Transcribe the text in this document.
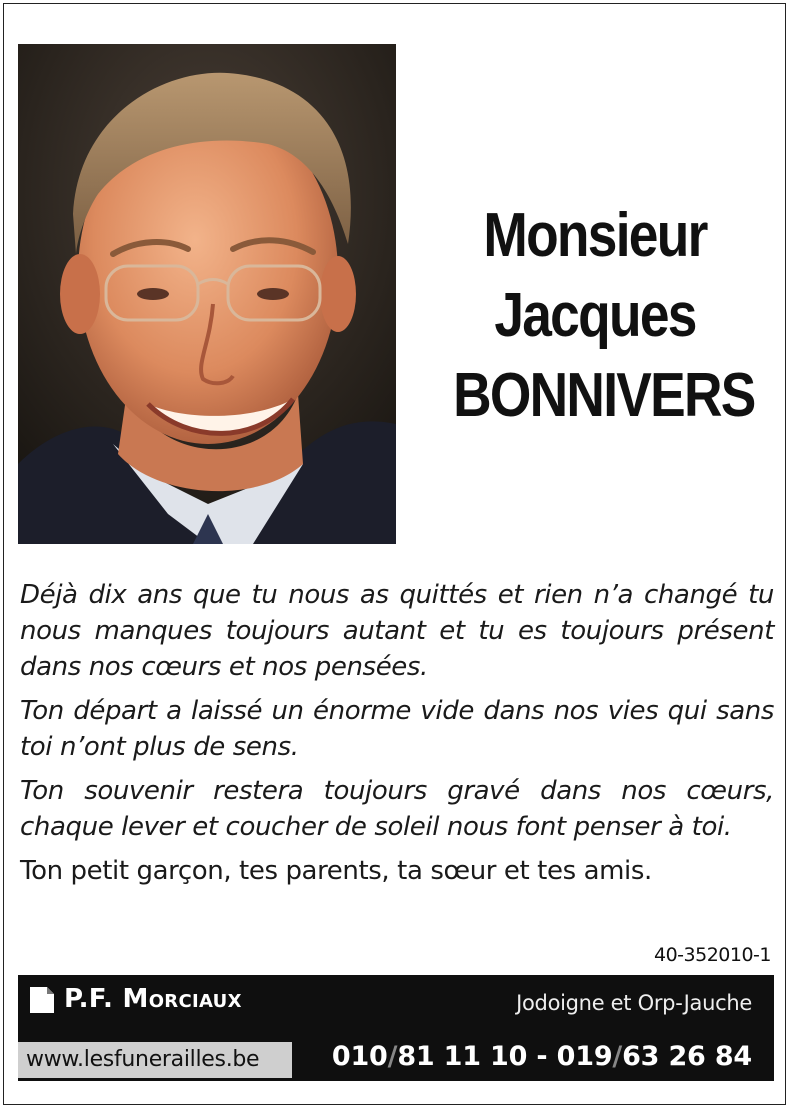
Monsieur
Jacques
BONNIVERS

Déjà dix ans que tu nous as quittés et rien n’a changé tu nous manques toujours autant et tu es toujours présent dans nos cœurs et nos pensées.

Ton départ a laissé un énorme vide dans nos vies qui sans toi n’ont plus de sens.

Ton souvenir restera toujours gravé dans nos cœurs, chaque lever et coucher de soleil nous font penser à toi.

Ton petit garçon, tes parents, ta sœur et tes amis.

40-352010-1
P.F. Morciaux	Jodoigne et Orp-Jauche
www.lesfunerailles.be	010/81 11 10 - 019/63 26 84
